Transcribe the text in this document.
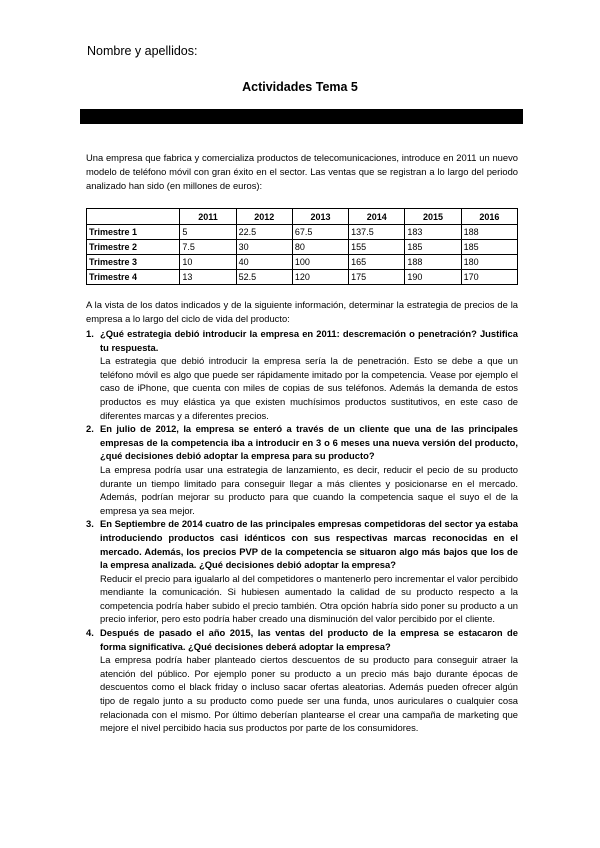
Nombre y apellidos:
Actividades Tema 5

Una empresa que fabrica y comercializa productos de telecomunicaciones, introduce en 2011 un nuevo modelo de teléfono móvil con gran éxito en el sector. Las ventas que se registran a lo largo del periodo analizado han sido (en millones de euros):

	2011	2012	2013	2014	2015	2016
Trimestre 1	5	22.5	67.5	137.5	183	188
Trimestre 2	7.5	30	80	155	185	185
Trimestre 3	10	40	100	165	188	180
Trimestre 4	13	52.5	120	175	190	170

A la vista de los datos indicados y de la siguiente información, determinar la estrategia de precios de la empresa a lo largo del ciclo de vida del producto:

1. ¿Qué estrategia debió introducir la empresa en 2011: descremación o penetración? Justifica tu respuesta.
La estrategia que debió introducir la empresa sería la de penetración. Esto se debe a que un teléfono móvil es algo que puede ser rápidamente imitado por la competencia. Vease por ejemplo el caso de iPhone, que cuenta con miles de copias de sus teléfonos. Además la demanda de estos productos es muy elástica ya que existen muchísimos productos sustitutivos, en este caso de diferentes marcas y a diferentes precios.
2. En julio de 2012, la empresa se enteró a través de un cliente que una de las principales empresas de la competencia iba a introducir en 3 o 6 meses una nueva versión del producto, ¿qué decisiones debió adoptar la empresa para su producto?
La empresa podría usar una estrategia de lanzamiento, es decir, reducir el pecio de su producto durante un tiempo limitado para conseguir llegar a más clientes y posicionarse en el mercado. Además, podrían mejorar su producto para que cuando la competencia saque el suyo el de la empresa ya sea mejor.
3. En Septiembre de 2014 cuatro de las principales empresas competidoras del sector ya estaba introduciendo productos casi idénticos con sus respectivas marcas reconocidas en el mercado. Además, los precios PVP de la competencia se situaron algo más bajos que los de la empresa analizada. ¿Qué decisiones debió adoptar la empresa?
Reducir el precio para igualarlo al del competidores o mantenerlo pero incrementar el valor percibido mendiante la comunicación. Si hubiesen aumentado la calidad de su producto respecto a la competencia podría haber subido el precio también. Otra opción habría sido poner su producto a un precio inferior, pero esto podría haber creado una disminución del valor percibido por el cliente.
4. Después de pasado el año 2015, las ventas del producto de la empresa se estacaron de forma significativa. ¿Qué decisiones deberá adoptar la empresa?
La empresa podría haber planteado ciertos descuentos de su producto para conseguir atraer la atención del público. Por ejemplo poner su producto a un precio más bajo durante épocas de descuentos como el black friday o incluso sacar ofertas aleatorias. Además pueden ofrecer algún tipo de regalo junto a su producto como puede ser una funda, unos auriculares o cualquier cosa relacionada con el mismo. Por último deberían plantearse el crear una campaña de marketing que mejore el nivel percibido hacia sus productos por parte de los consumidores.
